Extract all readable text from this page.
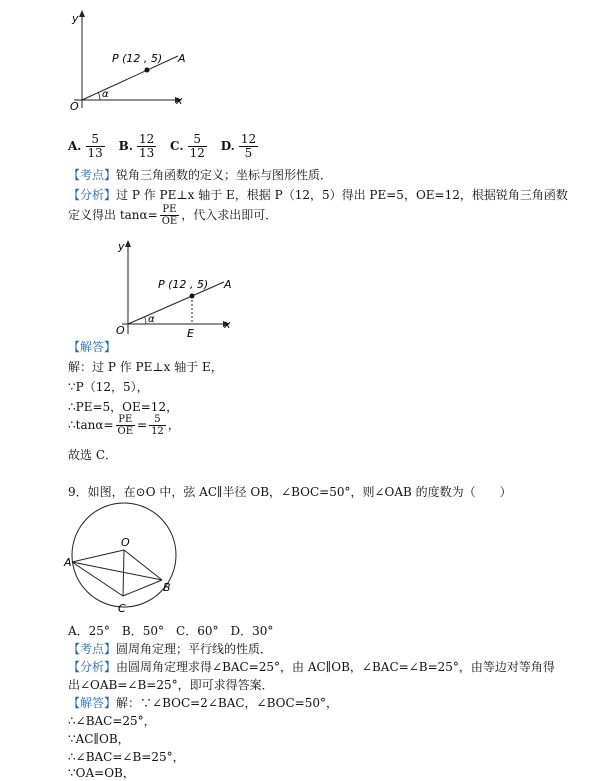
y
x
O
P (12 , 5) A
α
A. $\frac{5}{13} B$. $\frac{12}{13} C$. $\frac{5}{12} D$. $\frac{12}{5}$
【考点】锐角三角函数的定义；坐标与图形性质．
【分析】过 P 作 PE⊥x 轴于 E，根据 P（12，5）得出 PE=5，OE=12，根据锐角三角函数
定义得出 $\tan\alpha= \frac{PE}{OE}$ ，代入求出即可．
y
x
O
P (12 , 5) A
α
E
【解答】
解：过 P 作 PE⊥x 轴于 E，
∵P（12，5），
∴PE=5，OE=12，
∴tanα= $\frac{PE}{OE} = \frac{5}{12}$ ，
故选 C．
9．如图，在⊙O 中，弦 AC∥半径 OB，∠BOC=50°，则∠OAB 的度数为（　　）
O
A
B
C
A．25°　B．50°　C．60°　D．30°
【考点】圆周角定理；平行线的性质．
【分析】由圆周角定理求得∠BAC=25°，由 AC∥OB，∠BAC=∠B=25°，由等边对等角得
出∠OAB=∠B=25°，即可求得答案．
【解答】解：∵∠BOC=2∠BAC，∠BOC=50°，
∴∠BAC=25°，
∵AC∥OB，
∴∠BAC=∠B=25°，
∵OA=OB，
